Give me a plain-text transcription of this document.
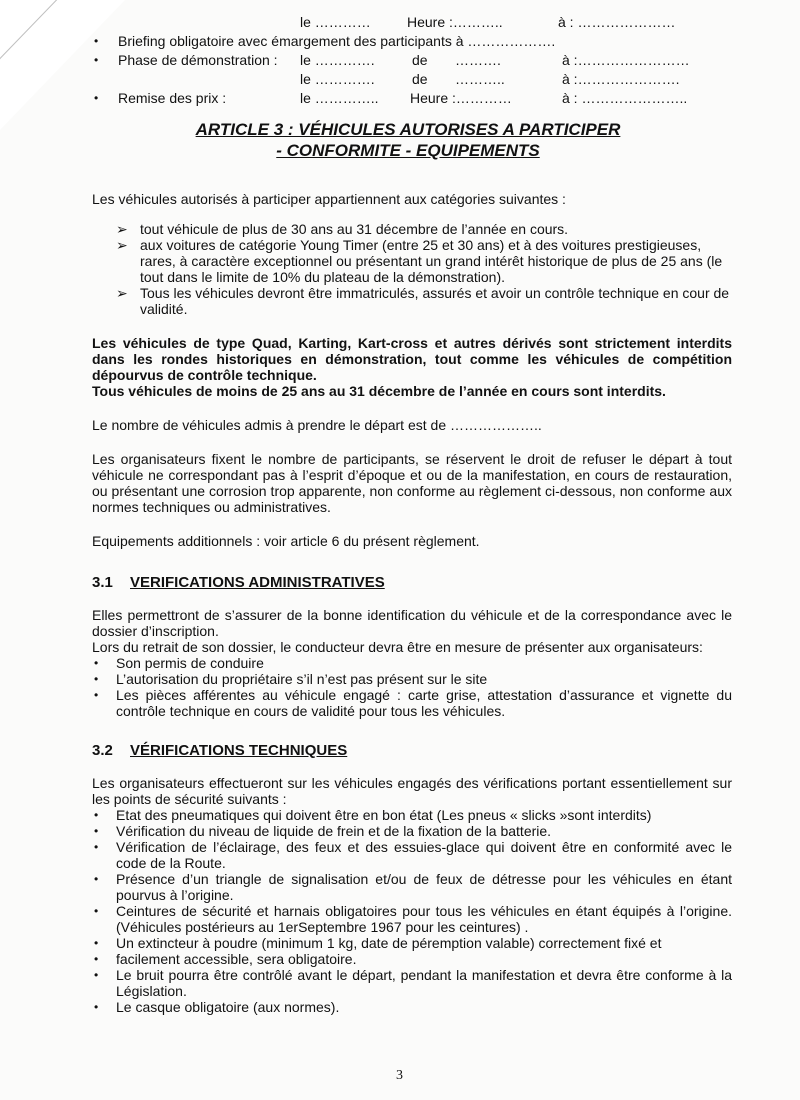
le …………	Heure :………..	à : …………………
• Briefing obligatoire avec émargement des participants à ……………….
• Phase de démonstration : le ………….	de ……….	à :……………………
le ………….	de ………..	à :………………….
• Remise des prix :	le ………….. Heure :…………	à : …………………..
ARTICLE 3 : VÉHICULES AUTORISES A PARTICIPER
- CONFORMITE - EQUIPEMENTS

Les véhicules autorisés à participer appartiennent aux catégories suivantes :

➢ tout véhicule de plus de 30 ans au 31 décembre de l’année en cours.
➢ aux voitures de catégorie Young Timer (entre 25 et 30 ans) et à des voitures prestigieuses, rares, à caractère exceptionnel ou présentant un grand intérêt historique de plus de 25 ans (le tout dans le limite de 10% du plateau de la démonstration).
➢ Tous les véhicules devront être immatriculés, assurés et avoir un contrôle technique en cour de validité.

Les véhicules de type Quad, Karting, Kart-cross et autres dérivés sont strictement interdits dans les rondes historiques en démonstration, tout comme les véhicules de compétition dépourvus de contrôle technique.

Tous véhicules de moins de 25 ans au 31 décembre de l’année en cours sont interdits.

Le nombre de véhicules admis à prendre le départ est de ………………..

Les organisateurs fixent le nombre de participants, se réservent le droit de refuser le départ à tout véhicule ne correspondant pas à l’esprit d’époque et ou de la manifestation, en cours de restauration, ou présentant une corrosion trop apparente, non conforme au règlement ci-dessous, non conforme aux normes techniques ou administratives.

Equipements additionnels : voir article 6 du présent règlement.

3.1 VERIFICATIONS ADMINISTRATIVES

Elles permettront de s’assurer de la bonne identification du véhicule et de la correspondance avec le dossier d’inscription.

Lors du retrait de son dossier, le conducteur devra être en mesure de présenter aux organisateurs:

• Son permis de conduire
• L’autorisation du propriétaire s’il n’est pas présent sur le site
• Les pièces afférentes au véhicule engagé : carte grise, attestation d’assurance et vignette du contrôle technique en cours de validité pour tous les véhicules.
3.2 VÉRIFICATIONS TECHNIQUES

Les organisateurs effectueront sur les véhicules engagés des vérifications portant essentiellement sur les points de sécurité suivants :

• Etat des pneumatiques qui doivent être en bon état (Les pneus « slicks »sont interdits)
• Vérification du niveau de liquide de frein et de la fixation de la batterie.
• Vérification de l’éclairage, des feux et des essuies-glace qui doivent être en conformité avec le code de la Route.
• Présence d’un triangle de signalisation et/ou de feux de détresse pour les véhicules en étant pourvus à l’origine.
• Ceintures de sécurité et harnais obligatoires pour tous les véhicules en étant équipés à l’origine. (Véhicules postérieurs au 1erSeptembre 1967 pour les ceintures) .
• Un extincteur à poudre (minimum 1 kg, date de péremption valable) correctement fixé et
• facilement accessible, sera obligatoire.
• Le bruit pourra être contrôlé avant le départ, pendant la manifestation et devra être conforme à la Législation.
• Le casque obligatoire (aux normes).
3
